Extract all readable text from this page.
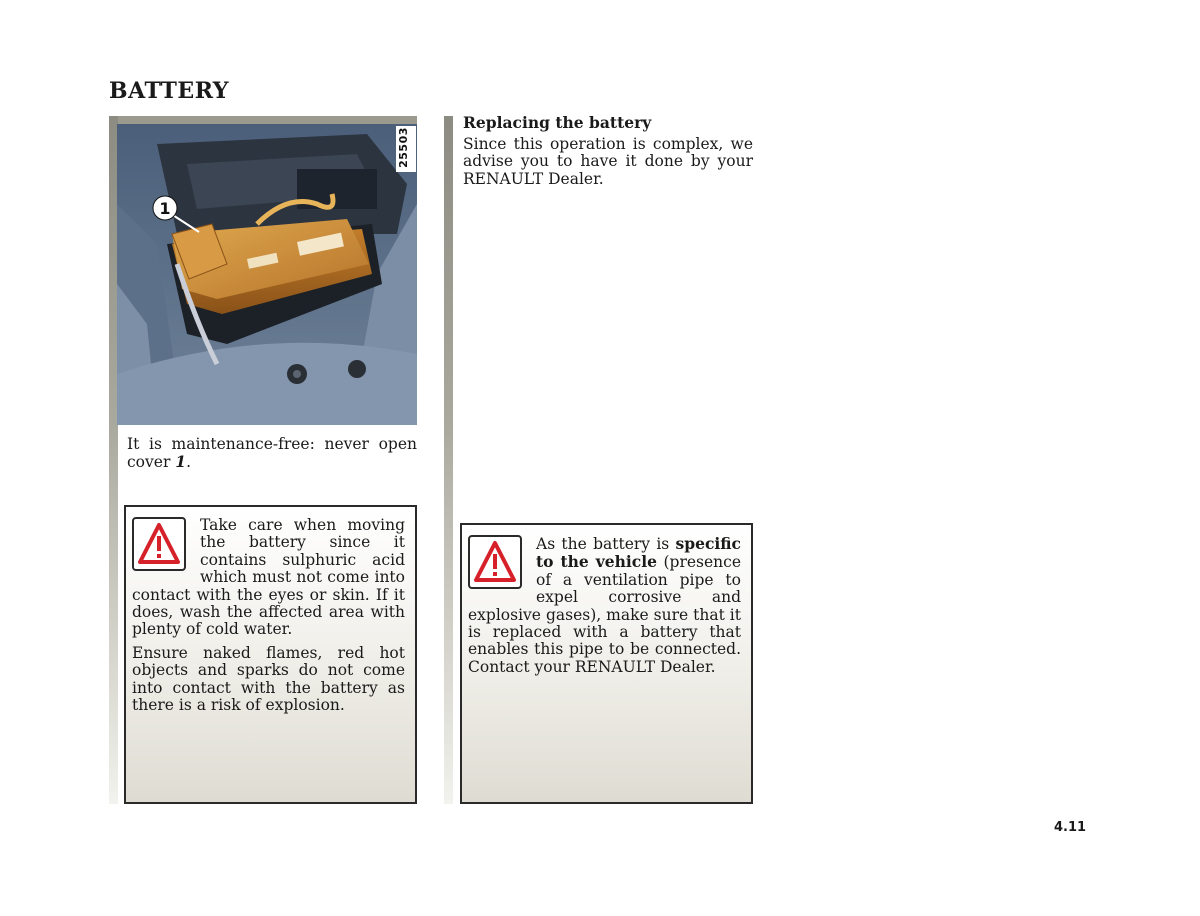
BATTERY
1
25503
It is maintenance-free: never open cover 1.

Take care when moving the battery since it contains sulphuric acid which must not come into contact with the eyes or skin. If it does, wash the affected area with plenty of cold water.

Ensure naked flames, red hot objects and sparks do not come into contact with the battery as there is a risk of explosion.

Replacing the battery

Since this operation is complex, we advise you to have it done by your RENAULT Dealer.

As the battery is specific to the vehicle (presence of a ventilation pipe to expel corrosive and explosive gases), make sure that it is replaced with a battery that enables this pipe to be connected. Contact your RENAULT Dealer.

4.11
